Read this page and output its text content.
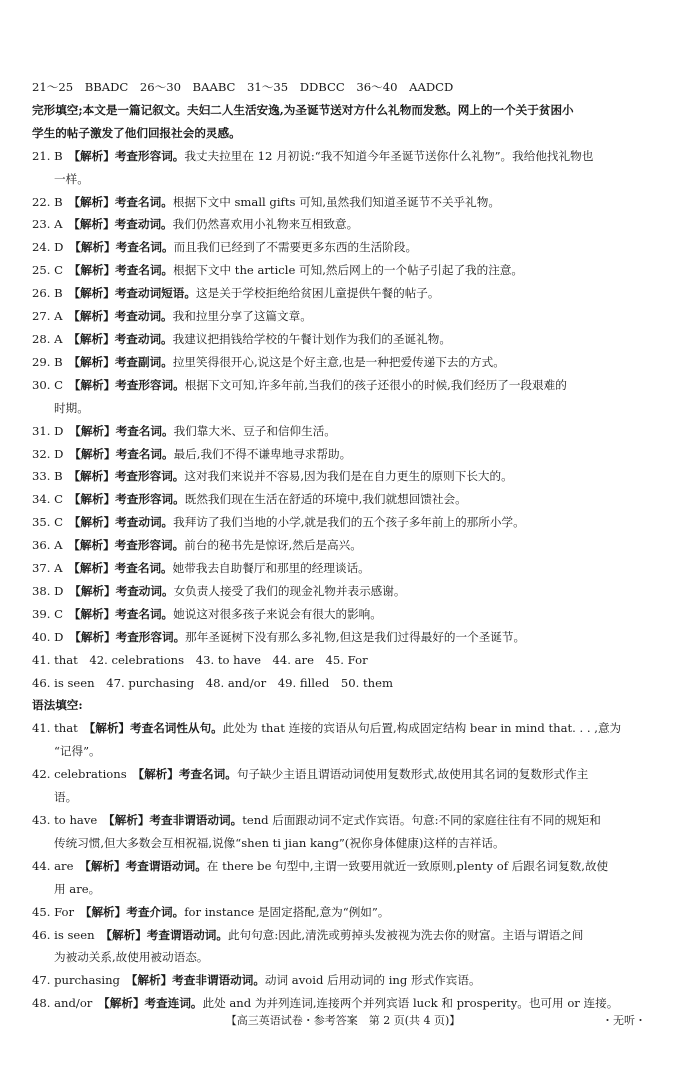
21～25　BBADC　26～30　BAABC　31～35　DDBCC　36～40　AADCD
完形填空;本文是一篇记叙文。夫妇二人生活安逸,为圣诞节送对方什么礼物而发愁。网上的一个关于贫困小
学生的帖子激发了他们回报社会的灵感。
21. B  【解析】考查形容词。我丈夫拉里在 12 月初说:“我不知道今年圣诞节送你什么礼物”。我给他找礼物也
一样。
22. B  【解析】考查名词。根据下文中 small gifts 可知,虽然我们知道圣诞节不关乎礼物。
23. A  【解析】考查动词。我们仍然喜欢用小礼物来互相致意。
24. D  【解析】考查名词。而且我们已经到了不需要更多东西的生活阶段。
25. C  【解析】考查名词。根据下文中 the article 可知,然后网上的一个帖子引起了我的注意。
26. B  【解析】考查动词短语。这是关于学校拒绝给贫困儿童提供午餐的帖子。
27. A  【解析】考查动词。我和拉里分享了这篇文章。
28. A  【解析】考查动词。我建议把捐钱给学校的午餐计划作为我们的圣诞礼物。
29. B  【解析】考查副词。拉里笑得很开心,说这是个好主意,也是一种把爱传递下去的方式。
30. C  【解析】考查形容词。根据下文可知,许多年前,当我们的孩子还很小的时候,我们经历了一段艰难的
时期。
31. D  【解析】考查名词。我们靠大米、豆子和信仰生活。
32. D  【解析】考查名词。最后,我们不得不谦卑地寻求帮助。
33. B  【解析】考查形容词。这对我们来说并不容易,因为我们是在自力更生的原则下长大的。
34. C  【解析】考查形容词。既然我们现在生活在舒适的环境中,我们就想回馈社会。
35. C  【解析】考查动词。我拜访了我们当地的小学,就是我们的五个孩子多年前上的那所小学。
36. A  【解析】考查形容词。前台的秘书先是惊讶,然后是高兴。
37. A  【解析】考查名词。她带我去自助餐厅和那里的经理谈话。
38. D  【解析】考查动词。女负责人接受了我们的现金礼物并表示感谢。
39. C  【解析】考查名词。她说这对很多孩子来说会有很大的影响。
40. D  【解析】考查形容词。那年圣诞树下没有那么多礼物,但这是我们过得最好的一个圣诞节。
41. that　42. celebrations　43. to have　44. are　45. For
46. is seen　47. purchasing　48. and/or　49. filled　50. them
语法填空:
41. that  【解析】考查名词性从句。此处为 that 连接的宾语从句后置,构成固定结构 bear in mind that. . . ,意为
“记得”。
42. celebrations  【解析】考查名词。句子缺少主语且谓语动词使用复数形式,故使用其名词的复数形式作主
语。
43. to have  【解析】考查非谓语动词。tend 后面跟动词不定式作宾语。句意:不同的家庭往往有不同的规矩和
传统习惯,但大多数会互相祝福,说像“shen ti jian kang”(祝你身体健康)这样的吉祥话。
44. are  【解析】考查谓语动词。在 there be 句型中,主谓一致要用就近一致原则,plenty of 后跟名词复数,故使
用 are。
45. For  【解析】考查介词。for instance 是固定搭配,意为“例如”。
46. is seen  【解析】考查谓语动词。此句句意:因此,清洗或剪掉头发被视为洗去你的财富。主语与谓语之间
为被动关系,故使用被动语态。
47. purchasing  【解析】考查非谓语动词。动词 avoid 后用动词的 ing 形式作宾语。
48. and/or  【解析】考查连词。此处 and 为并列连词,连接两个并列宾语 luck 和 prosperity。也可用 or 连接。
【高三英语试卷・参考答案　第 2 页(共 4 页)】	・无听・
